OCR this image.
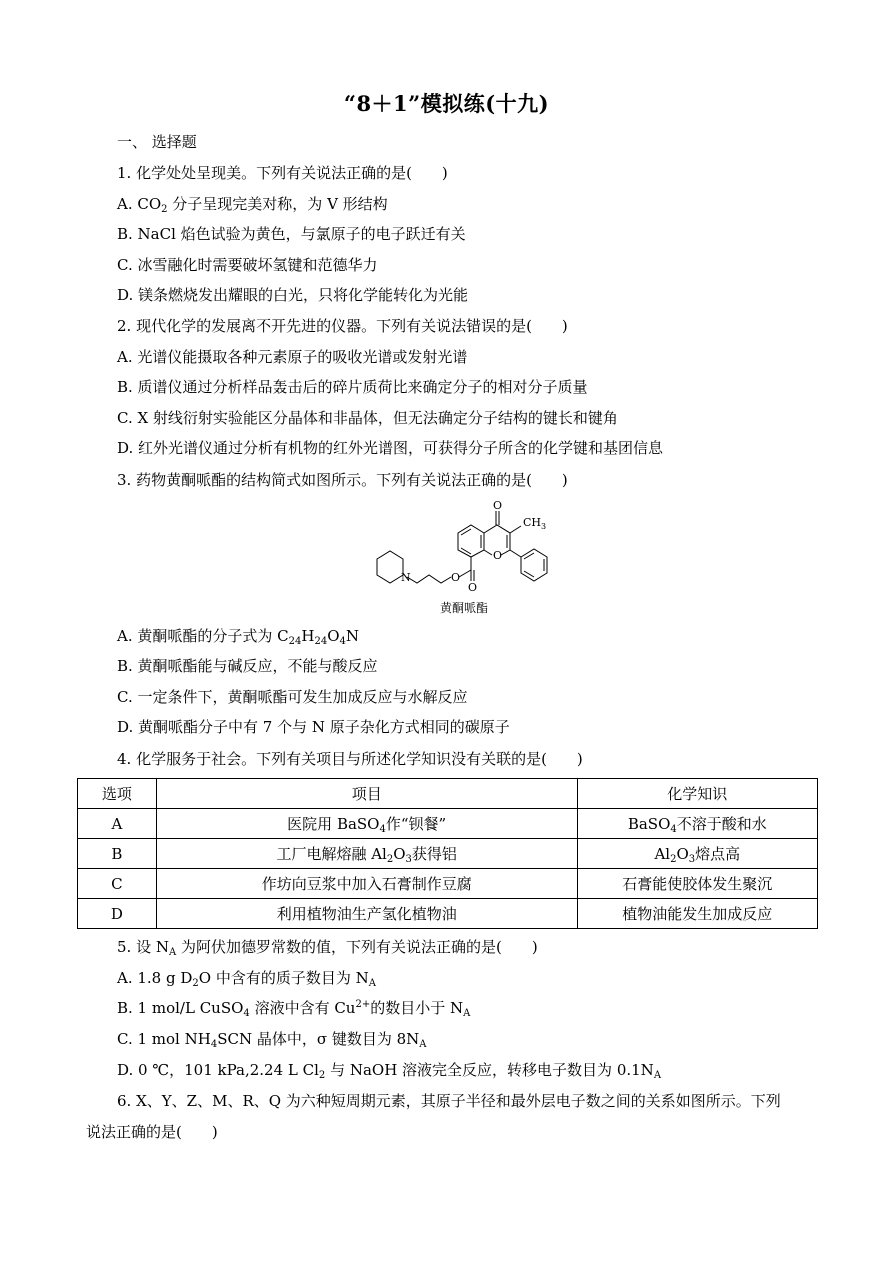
“8＋1”模拟练(十九)
一、 选择题
1. 化学处处呈现美。下列有关说法正确的是(　　)
A. $CO_2$ 分子呈现完美对称，为 V 形结构
B. NaCl 焰色试验为黄色，与氯原子的电子跃迁有关
C. 冰雪融化时需要破坏氢键和范德华力
D. 镁条燃烧发出耀眼的白光，只将化学能转化为光能
2. 现代化学的发展离不开先进的仪器。下列有关说法错误的是(　　)
A. 光谱仪能摄取各种元素原子的吸收光谱或发射光谱
B. 质谱仪通过分析样品轰击后的碎片质荷比来确定分子的相对分子质量
C. X 射线衍射实验能区分晶体和非晶体，但无法确定分子结构的键长和键角
D. 红外光谱仪通过分析有机物的红外光谱图，可获得分子所含的化学键和基团信息
3. 药物黄酮哌酯的结构简式如图所示。下列有关说法正确的是(　　)
O
$CH_3$
O
O
O
N
黄酮哌酯
A. 黄酮哌酯的分子式为 $C_{24}H_{24}O_4N$
B. 黄酮哌酯能与碱反应，不能与酸反应
C. 一定条件下，黄酮哌酯可发生加成反应与水解反应
D. 黄酮哌酯分子中有 7 个与 N 原子杂化方式相同的碳原子
4. 化学服务于社会。下列有关项目与所述化学知识没有关联的是(　　)
选项	项目	化学知识
A	医院用 BaSO$_4$作“钡餐”	BaSO$_4$不溶于酸和水
B	工厂电解熔融 $Al_2O_3$获得铝	$Al_2O_3$熔点高
C	作坊向豆浆中加入石膏制作豆腐	石膏能使胶体发生聚沉
D	利用植物油生产氢化植物油	植物油能发生加成反应
5. 设 $N_A$ 为阿伏加德罗常数的值，下列有关说法正确的是(　　)
A. 1.8 g $D_2O$ 中含有的质子数目为 $N_A$
B. 1 mol/L CuSO$_4$ 溶液中含有 $Cu^{2+}$的数目小于 $N_A$
C. 1 mol $NH_4SCN$ 晶体中，σ 键数目为 $8N_A$
D. 0 ℃，101 kPa,2.24 L $Cl_2$ 与 NaOH 溶液完全反应，转移电子数目为 $0.1N_A$
6. X、Y、Z、M、R、Q 为六种短周期元素，其原子半径和最外层电子数之间的关系如图所示。下列
说法正确的是(　　)
